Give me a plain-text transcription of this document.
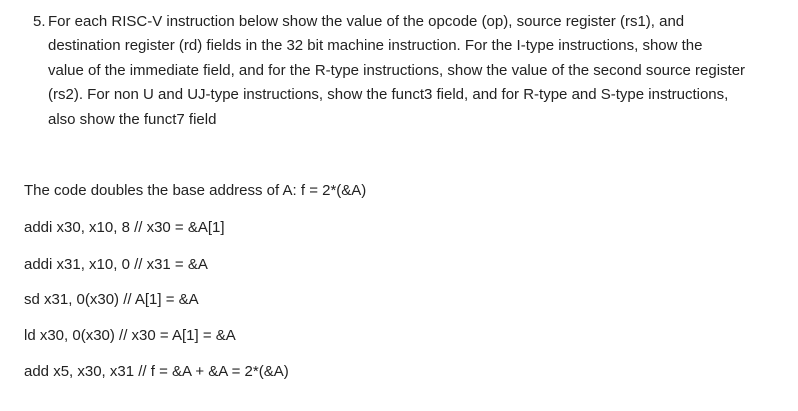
5. For each RISC-V instruction below show the value of the opcode (op), source register (rs1), and
destination register (rd) fields in the 32 bit machine instruction. For the I-type instructions, show the
value of the immediate field, and for the R-type instructions, show the value of the second source register
(rs2). For non U and UJ-type instructions, show the funct3 field, and for R-type and S-type instructions,
also show the funct7 field
The code doubles the base address of A: f = 2*(&A)
addi x30, x10, 8 // x30 = &A[1]
addi x31, x10, 0 // x31 = &A
sd x31, 0(x30) // A[1] = &A
ld x30, 0(x30) // x30 = A[1] = &A
add x5, x30, x31 // f = &A + &A = 2*(&A)
